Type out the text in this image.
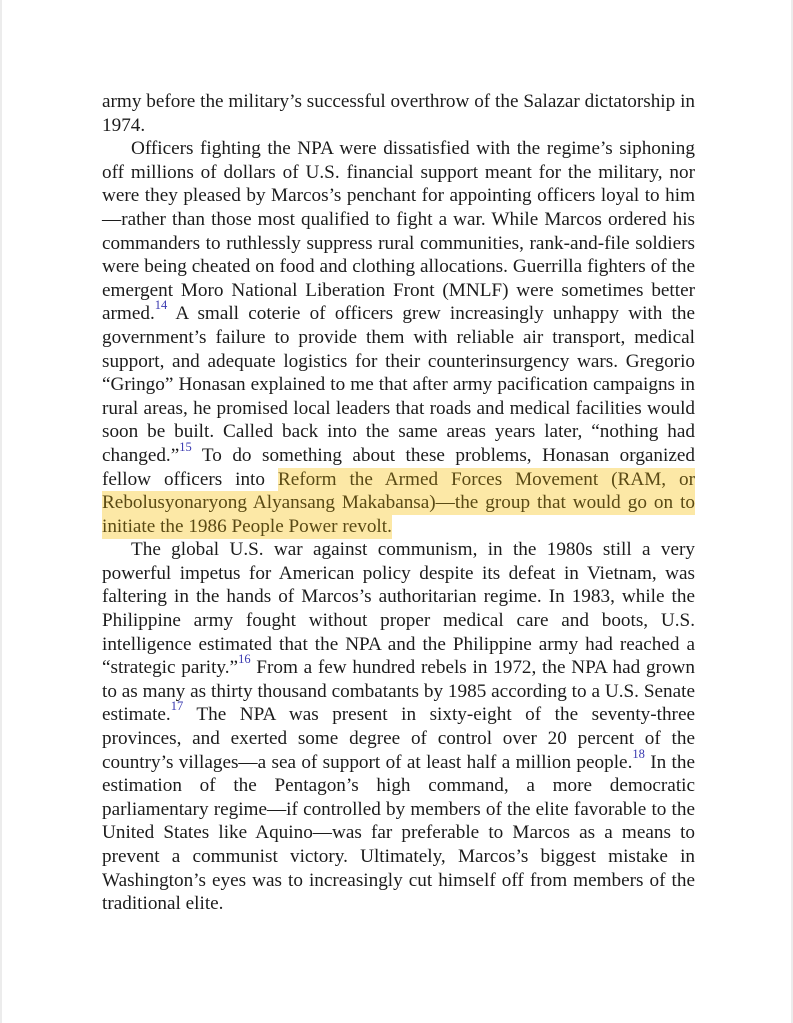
army before the military’s successful overthrow of the Salazar dictatorship in 1974.

Officers fighting the NPA were dissatisfied with the regime’s siphoning off millions of dollars of U.S. financial support meant for the military, nor were they pleased by Marcos’s penchant for appointing officers loyal to him —rather than those most qualified to fight a war. While Marcos ordered his commanders to ruthlessly suppress rural communities, rank-and-file soldiers were being cheated on food and clothing allocations. Guerrilla fighters of the emergent Moro National Liberation Front (MNLF) were sometimes better armed.$^{14}$ A small coterie of officers grew increasingly unhappy with the government’s failure to provide them with reliable air transport, medical support, and adequate logistics for their counterinsurgency wars. Gregorio “Gringo” Honasan explained to me that after army pacification campaigns in rural areas, he promised local leaders that roads and medical facilities would soon be built. Called back into the same areas years later, “nothing had changed.”$^{15}$ To do something about these problems, Honasan organized fellow officers into Reform the Armed Forces Movement (RAM, or Rebolusyonaryong Alyansang Makabansa)—the group that would go on to initiate the 1986 People Power revolt.

The global U.S. war against communism, in the 1980s still a very powerful impetus for American policy despite its defeat in Vietnam, was faltering in the hands of Marcos’s authoritarian regime. In 1983, while the Philippine army fought without proper medical care and boots, U.S. intelligence estimated that the NPA and the Philippine army had reached a “strategic parity.”$^{16}$ From a few hundred rebels in 1972, the NPA had grown to as many as thirty thousand combatants by 1985 according to a U.S. Senate estimate.$^{17}$ The NPA was present in sixty-eight of the seventy-three provinces, and exerted some degree of control over 20 percent of the country’s villages—a sea of support of at least half a million people.$^{18}$ In the estimation of the Pentagon’s high command, a more democratic parliamentary regime—if controlled by members of the elite favorable to the United States like Aquino—was far preferable to Marcos as a means to prevent a communist victory. Ultimately, Marcos’s biggest mistake in Washington’s eyes was to increasingly cut himself off from members of the traditional elite.
